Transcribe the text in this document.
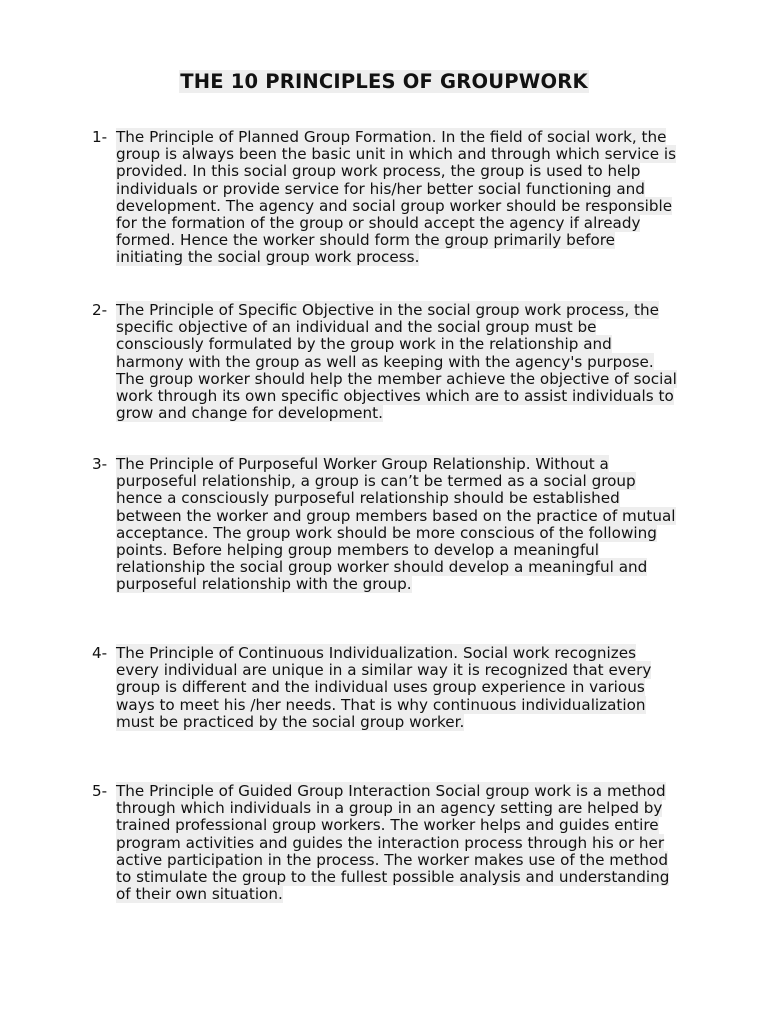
THE 10 PRINCIPLES OF GROUPWORK
1- The Principle of Planned Group Formation. In the field of social work, the group is always been the basic unit in which and through which service is provided. In this social group work process, the group is used to help individuals or provide service for his/her better social functioning and development. The agency and social group worker should be responsible for the formation of the group or should accept the agency if already formed. Hence the worker should form the group primarily before initiating the social group work process.
2- The Principle of Specific Objective in the social group work process, the specific objective of an individual and the social group must be consciously formulated by the group work in the relationship and harmony with the group as well as keeping with the agency's purpose. The group worker should help the member achieve the objective of social work through its own specific objectives which are to assist individuals to grow and change for development.
3- The Principle of Purposeful Worker Group Relationship. Without a purposeful relationship, a group is can’t be termed as a social group hence a consciously purposeful relationship should be established between the worker and group members based on the practice of mutual acceptance. The group work should be more conscious of the following points. Before helping group members to develop a meaningful relationship the social group worker should develop a meaningful and purposeful relationship with the group.
4- The Principle of Continuous Individualization. Social work recognizes every individual are unique in a similar way it is recognized that every group is different and the individual uses group experience in various ways to meet his /her needs. That is why continuous individualization must be practiced by the social group worker.
5- The Principle of Guided Group Interaction Social group work is a method through which individuals in a group in an agency setting are helped by trained professional group workers. The worker helps and guides entire program activities and guides the interaction process through his or her active participation in the process. The worker makes use of the method to stimulate the group to the fullest possible analysis and understanding of their own situation.
